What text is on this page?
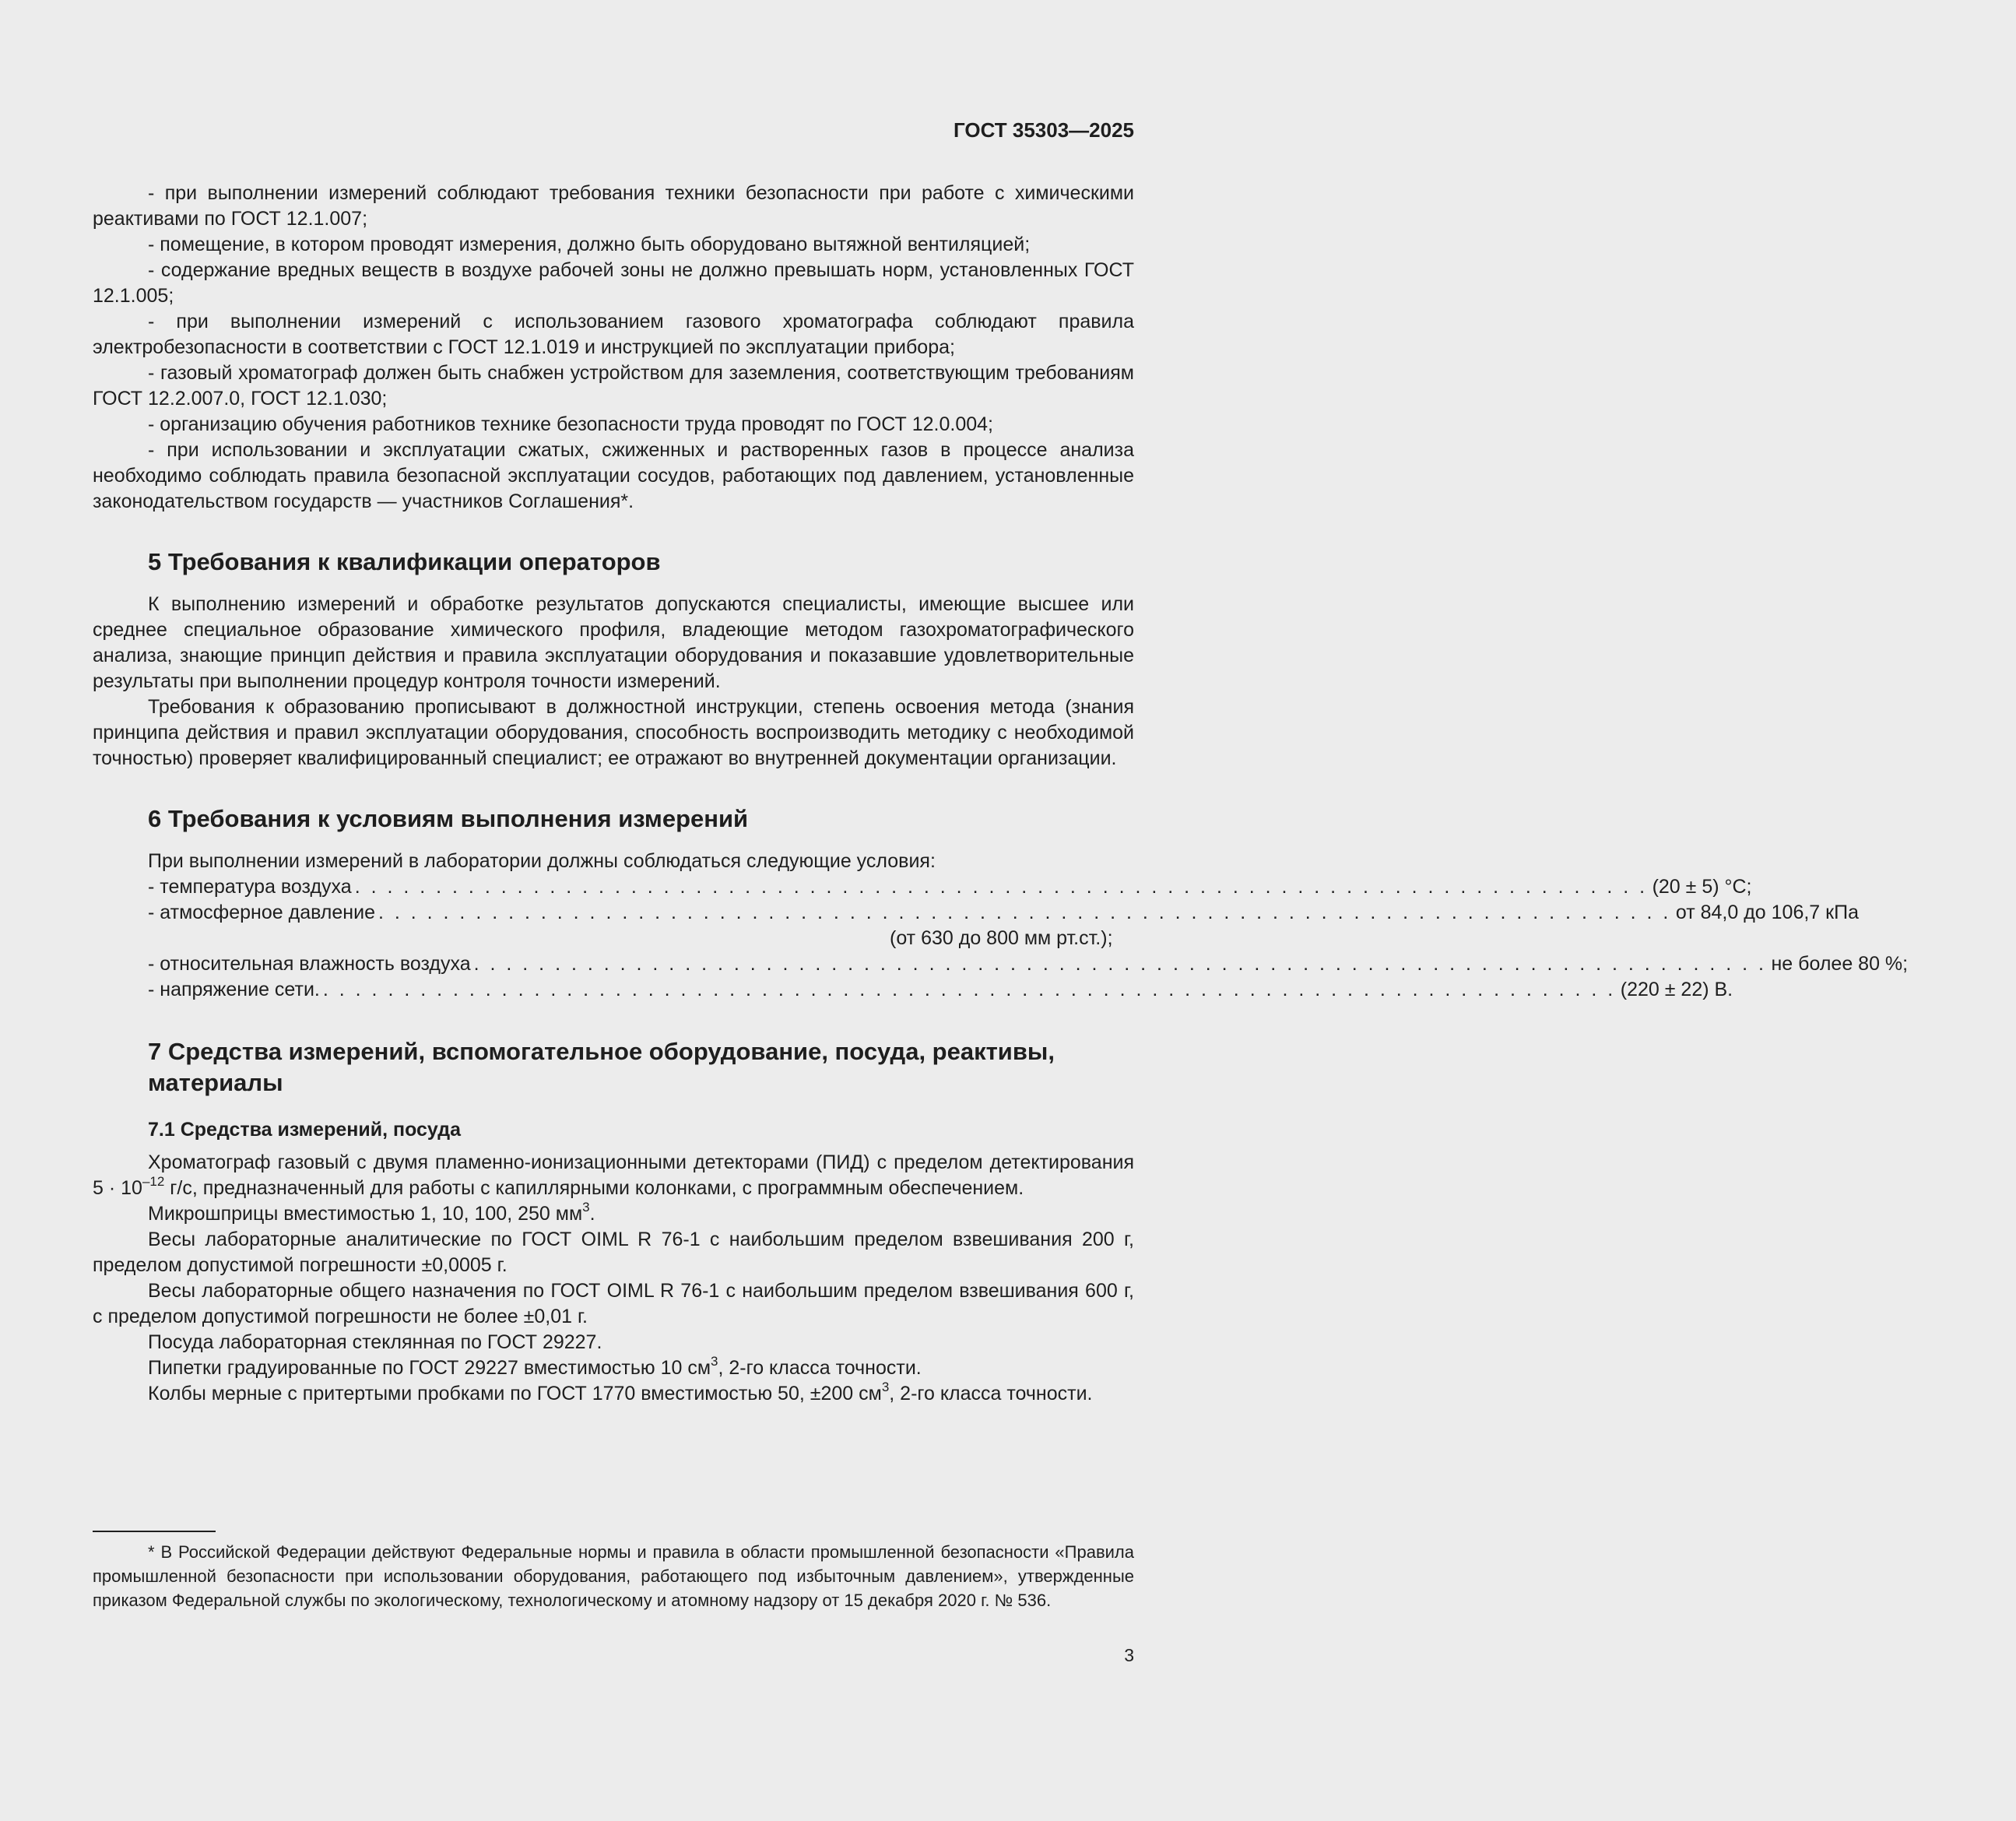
ГОСТ 35303—2025

- при выполнении измерений соблюдают требования техники безопасности при работе с химическими реактивами по ГОСТ 12.1.007;

- помещение, в котором проводят измерения, должно быть оборудовано вытяжной вентиляцией;

- содержание вредных веществ в воздухе рабочей зоны не должно превышать норм, установленных ГОСТ 12.1.005;

- при выполнении измерений с использованием газового хроматографа соблюдают правила электробезопасности в соответствии с ГОСТ 12.1.019 и инструкцией по эксплуатации прибора;

- газовый хроматограф должен быть снабжен устройством для заземления, соответствующим требованиям ГОСТ 12.2.007.0, ГОСТ 12.1.030;

- организацию обучения работников технике безопасности труда проводят по ГОСТ 12.0.004;

- при использовании и эксплуатации сжатых, сжиженных и растворенных газов в процессе анализа необходимо соблюдать правила безопасной эксплуатации сосудов, работающих под давлением, установленные законодательством государств — участников Соглашения*.

5 Требования к квалификации операторов

К выполнению измерений и обработке результатов допускаются специалисты, имеющие высшее или среднее специальное образование химического профиля, владеющие методом газохроматографического анализа, знающие принцип действия и правила эксплуатации оборудования и показавшие удовлетворительные результаты при выполнении процедур контроля точности измерений.

Требования к образованию прописывают в должностной инструкции, степень освоения метода (знания принципа действия и правил эксплуатации оборудования, способность воспроизводить методику с необходимой точностью) проверяет квалифицированный специалист; ее отражают во внутренней документации организации.

6 Требования к условиям выполнения измерений

При выполнении измерений в лаборатории должны соблюдаться следующие условия:

- температура воздуха . . . . . . . . . . . . . . . . . . . . . . . . . . . . . . . . . . . . . . . . . . . . . . . . . . . . . . . . . . . . . . . . . . . . . . . . . . . . . . . . (20 ± 5) °С;
- атмосферное давление . . . . . . . . . . . . . . . . . . . . . . . . . . . . . . . . . . . . . . . . . . . . . . . . . . . . . . . . . . . . . . . . . . . . . . . . . . . . . . . . от 84,0 до 106,7 кПа
(от 630 до 800 мм рт.ст.);
- относительная влажность воздуха . . . . . . . . . . . . . . . . . . . . . . . . . . . . . . . . . . . . . . . . . . . . . . . . . . . . . . . . . . . . . . . . . . . . . . . . . . . . . . . . не более 80 %;
- напряжение сети. . . . . . . . . . . . . . . . . . . . . . . . . . . . . . . . . . . . . . . . . . . . . . . . . . . . . . . . . . . . . . . . . . . . . . . . . . . . . . . . . (220 ± 22) В.
7 Средства измерений, вспомогательное оборудование, посуда, реактивы,
материалы
7.1 Средства измерений, посуда

Хроматограф газовый с двумя пламенно-ионизационными детекторами (ПИД) с пределом детектирования $5 \cdot 10^{-12}$ г/с, предназначенный для работы с капиллярными колонками, с программным обеспечением.

Микрошприцы вместимостью 1, 10, 100, 250 $мм^3$.

Весы лабораторные аналитические по ГОСТ OIML R 76-1 с наибольшим пределом взвешивания 200 г, пределом допустимой погрешности ±0,0005 г.

Весы лабораторные общего назначения по ГОСТ OIML R 76-1 с наибольшим пределом взвешивания 600 г, с пределом допустимой погрешности не более ±0,01 г.

Посуда лабораторная стеклянная по ГОСТ 29227.

Пипетки градуированные по ГОСТ 29227 вместимостью 10 $см^3$, 2-го класса точности.

Колбы мерные с притертыми пробками по ГОСТ 1770 вместимостью 50, ±200 $см^3$, 2-го класса точности.

* В Российской Федерации действуют Федеральные нормы и правила в области промышленной безопасности «Правила промышленной безопасности при использовании оборудования, работающего под избыточным давлением», утвержденные приказом Федеральной службы по экологическому, технологическому и атомному надзору от 15 декабря 2020 г. № 536.

3
